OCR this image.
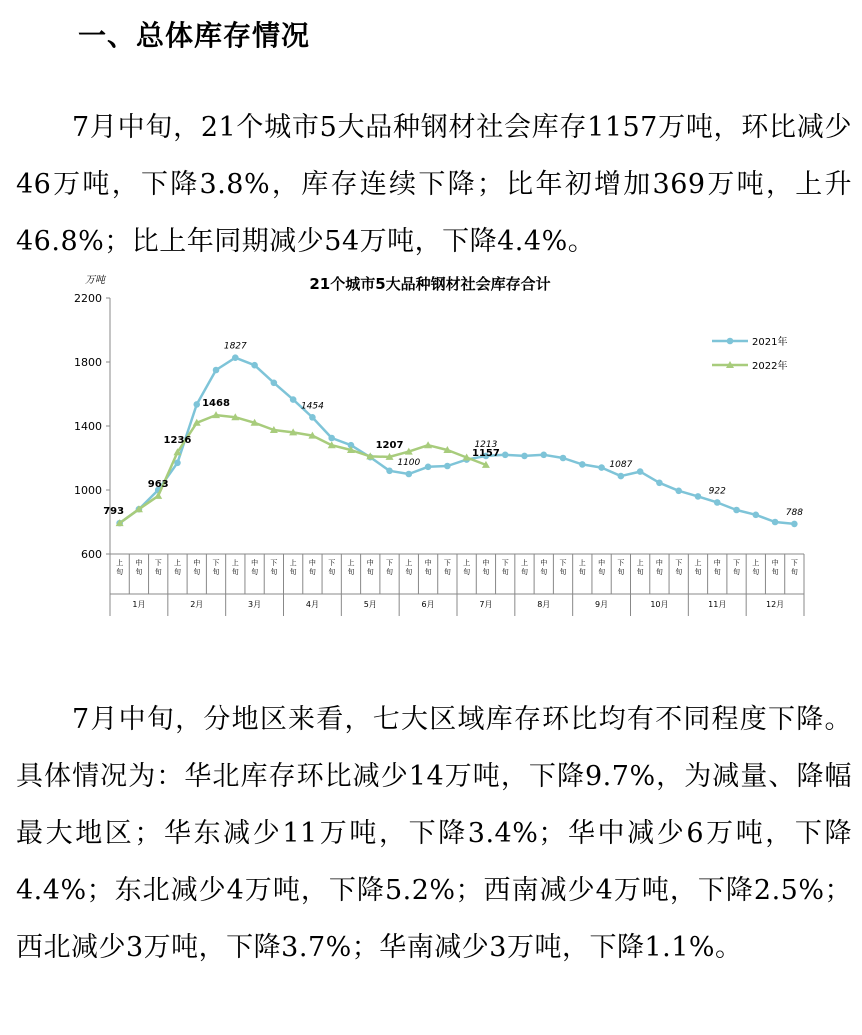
一、总体库存情况

7月中旬，21个城市5大品种钢材社会库存1157万吨，环比减少46万吨，下降3.8%，库存连续下降；比年初增加369万吨，上升46.8%；比上年同期减少54万吨，下降4.4%。

21个城市5大品种钢材社会库存合计
万吨
600
1000
1400
1800
2200
上旬
中旬
下旬
上旬
中旬
下旬
上旬
中旬
下旬
上旬
中旬
下旬
上旬
中旬
下旬
上旬
中旬
下旬
上旬
中旬
下旬
上旬
中旬
下旬
上旬
中旬
下旬
上旬
中旬
下旬
上旬
中旬
下旬
上旬
中旬
下旬
1月	2月	3月	4月	5月	6月	7月	8月	9月	10月	11月	12月
1827
1454
1100
1213
1087
922
788
793
963
1236
1468
1207
1157
2021年
2022年

7月中旬，分地区来看，七大区域库存环比均有不同程度下降。具体情况为：华北库存环比减少14万吨，下降9.7%，为减量、降幅最大地区；华东减少11万吨，下降3.4%；华中减少6万吨，下降4.4%；东北减少4万吨，下降5.2%；西南减少4万吨，下降2.5%；西北减少3万吨，下降3.7%；华南减少3万吨，下降1.1%。
